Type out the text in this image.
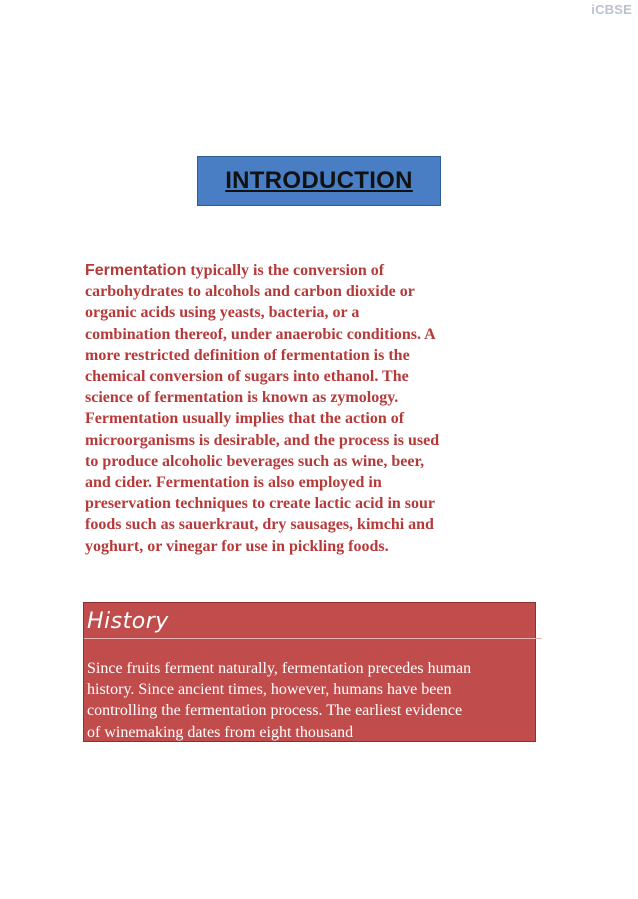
iCBSE
INTRODUCTION
Fermentation typically is the conversion of
carbohydrates to alcohols and carbon dioxide or
organic acids using yeasts, bacteria, or a
combination thereof, under anaerobic conditions. A
more restricted definition of fermentation is the
chemical conversion of sugars into ethanol. The
science of fermentation is known as zymology.
Fermentation usually implies that the action of
microorganisms is desirable, and the process is used
to produce alcoholic beverages such as wine, beer,
and cider. Fermentation is also employed in
preservation techniques to create lactic acid in sour
foods such as sauerkraut, dry sausages, kimchi and
yoghurt, or vinegar for use in pickling foods.
History
Since fruits ferment naturally, fermentation precedes human
history. Since ancient times, however, humans have been
controlling the fermentation process. The earliest evidence
of winemaking dates from eight thousand
